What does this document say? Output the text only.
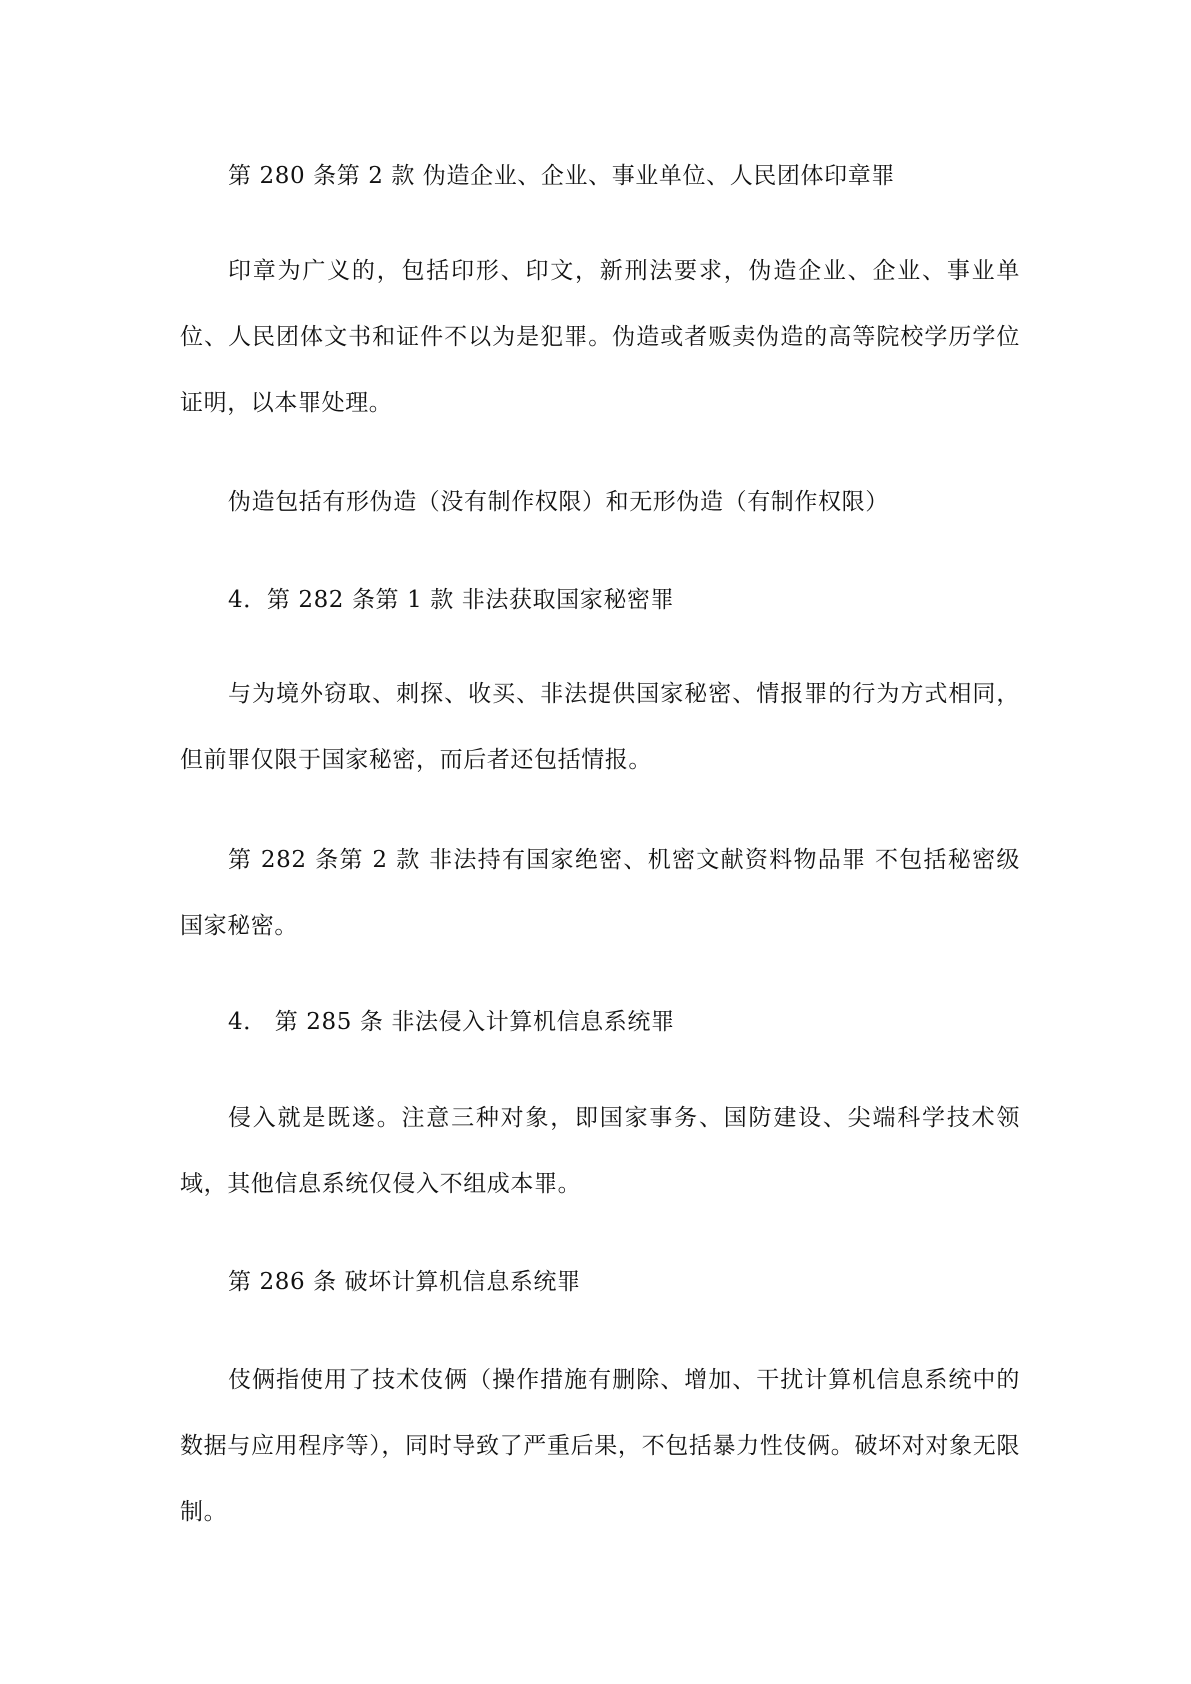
第 280 条第 2 款 伪造企业、企业、事业单位、人民团体印章罪

印章为广义的，包括印形、印文，新刑法要求，伪造企业、企业、事业单位、人民团体文书和证件不以为是犯罪。伪造或者贩卖伪造的高等院校学历学位证明，以本罪处理。

伪造包括有形伪造（没有制作权限）和无形伪造（有制作权限）

4．第 282 条第 1 款 非法获取国家秘密罪

与为境外窃取、刺探、收买、非法提供国家秘密、情报罪的行为方式相同，但前罪仅限于国家秘密，而后者还包括情报。

第 282 条第 2 款 非法持有国家绝密、机密文献资料物品罪 不包括秘密级国家秘密。

4． 第 285 条 非法侵入计算机信息系统罪

侵入就是既遂。注意三种对象，即国家事务、国防建设、尖端科学技术领域，其他信息系统仅侵入不组成本罪。

第 286 条 破坏计算机信息系统罪

伎俩指使用了技术伎俩（操作措施有删除、增加、干扰计算机信息系统中的数据与应用程序等），同时导致了严重后果，不包括暴力性伎俩。破坏对对象无限制。
